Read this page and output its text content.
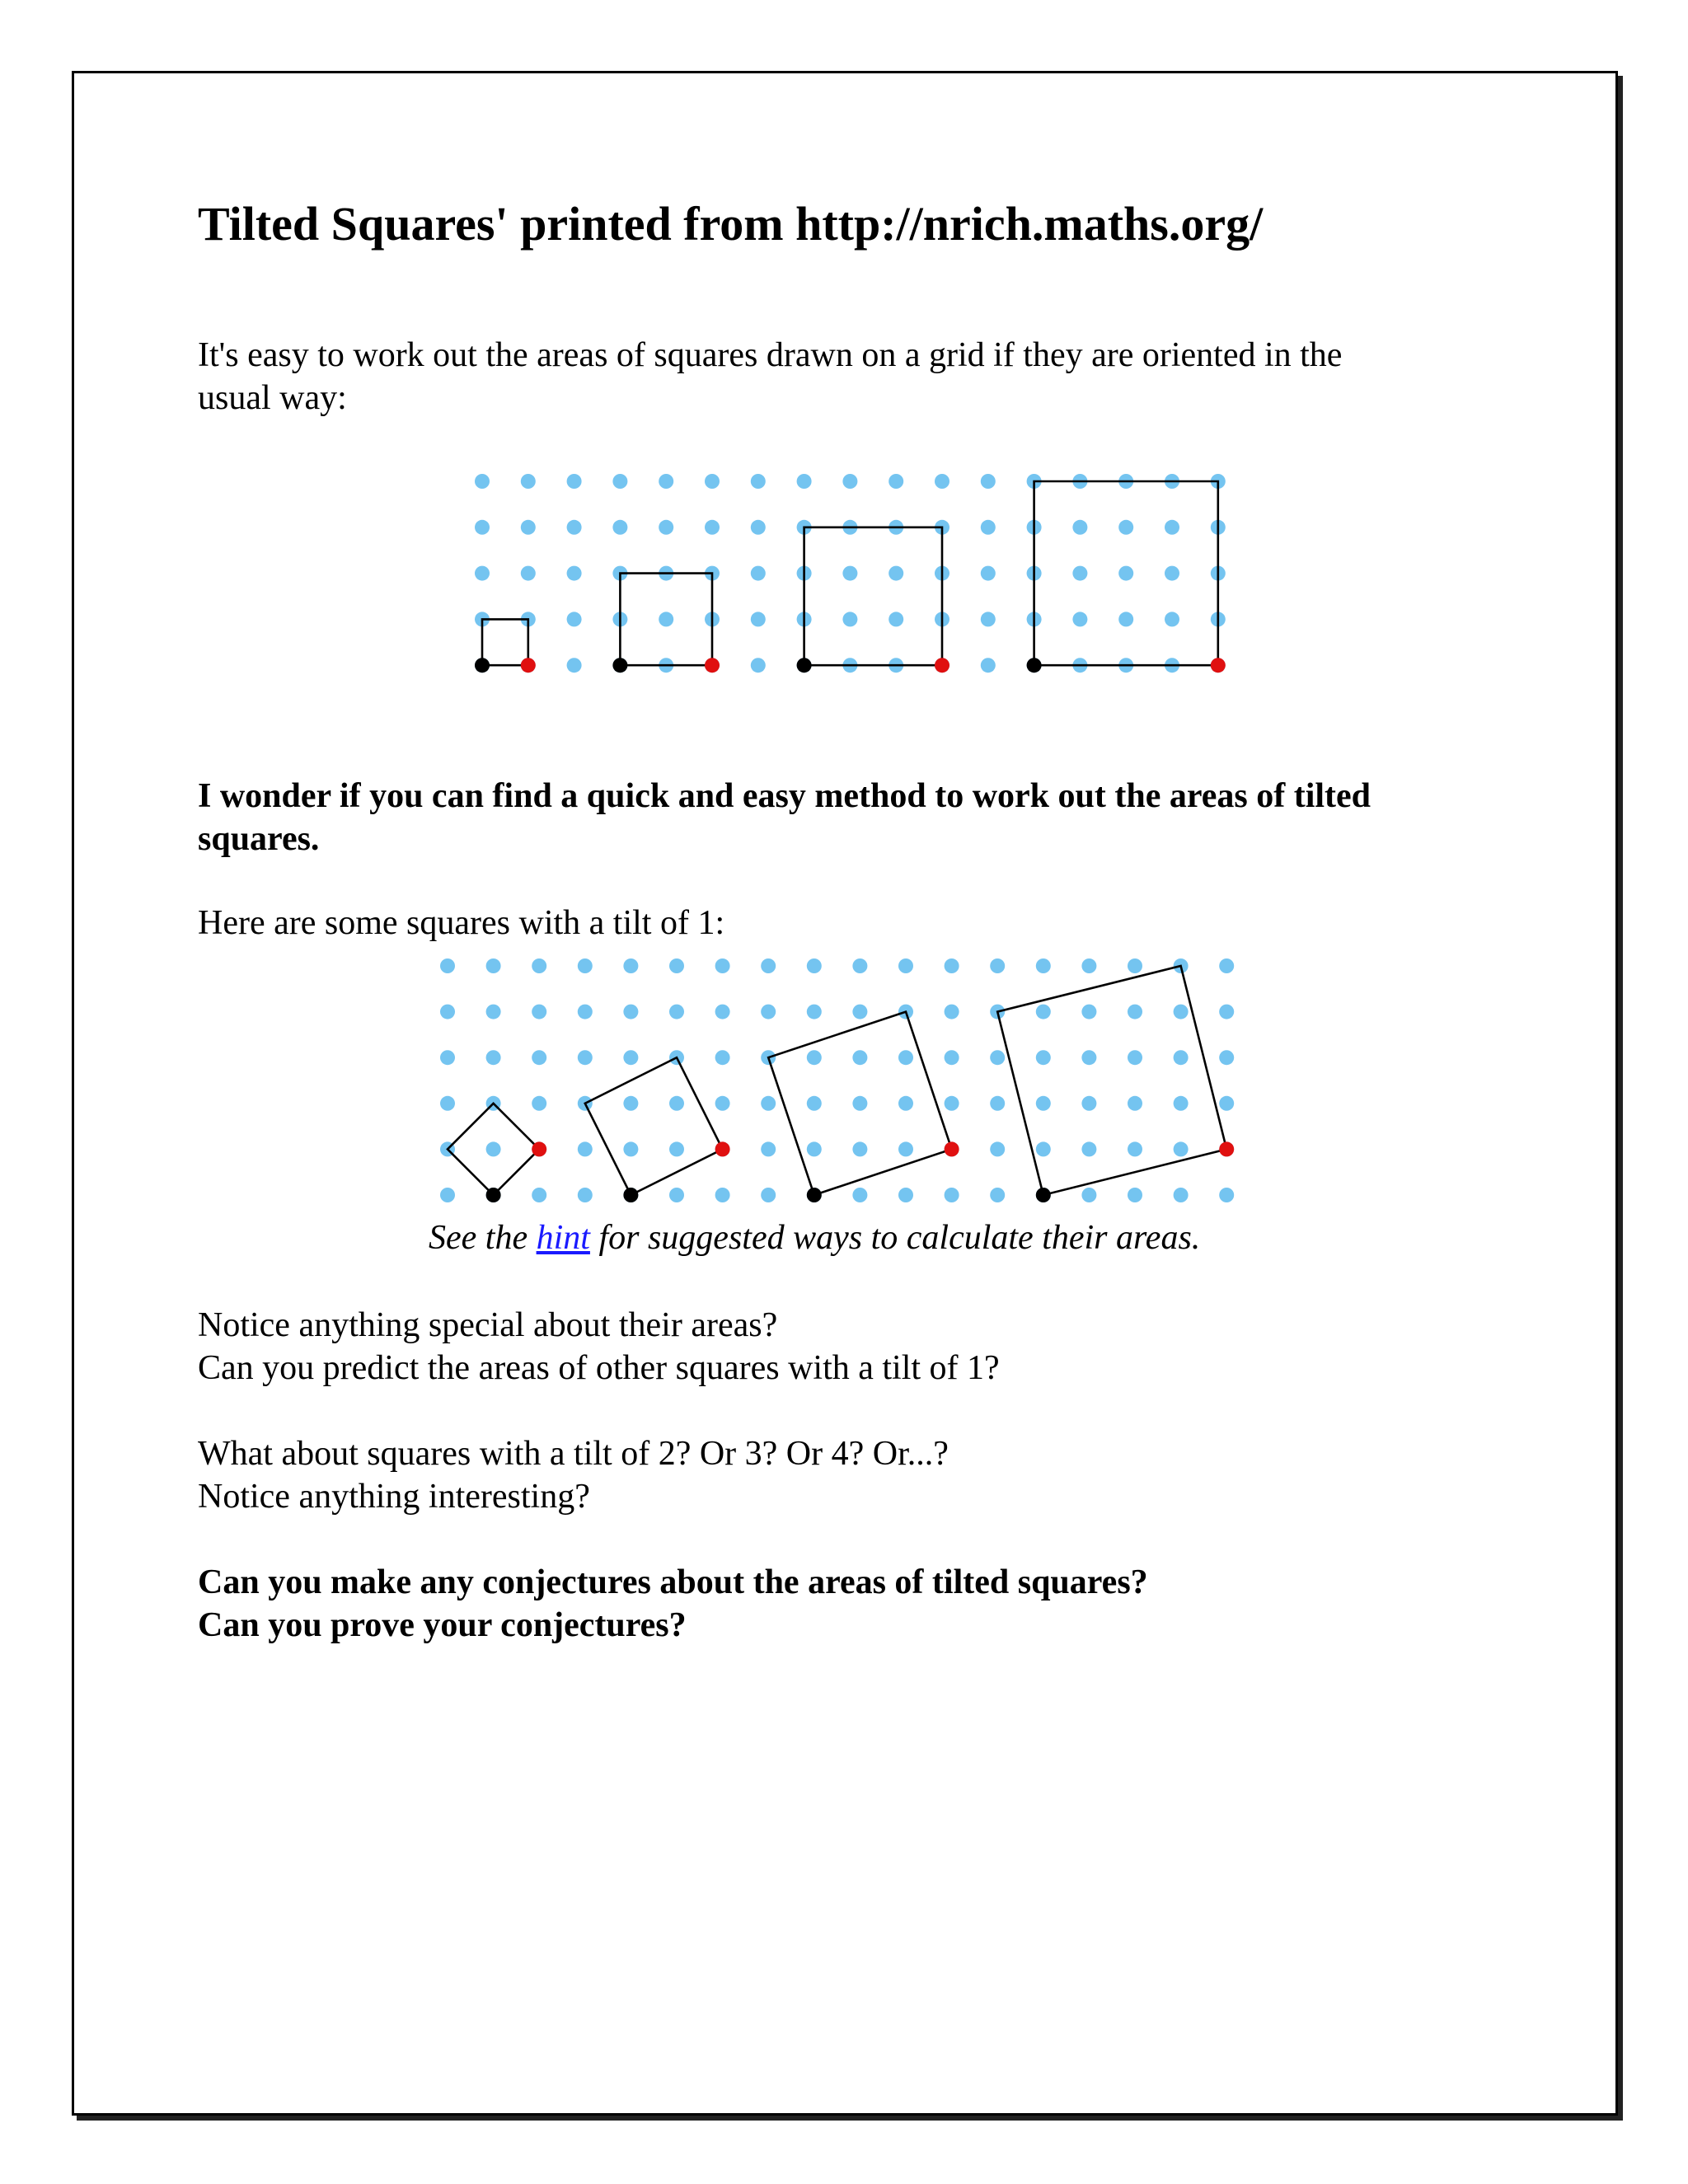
Tilted Squares' printed from http://nrich.maths.org/

It's easy to work out the areas of squares drawn on a grid if they are oriented in the
usual way:

I wonder if you can find a quick and easy method to work out the areas of tilted
squares.

Here are some squares with a tilt of 1:

See the hint for suggested ways to calculate their areas.

Notice anything special about their areas?
Can you predict the areas of other squares with a tilt of 1?

What about squares with a tilt of 2? Or 3? Or 4? Or...?
Notice anything interesting?

Can you make any conjectures about the areas of tilted squares?
Can you prove your conjectures?
